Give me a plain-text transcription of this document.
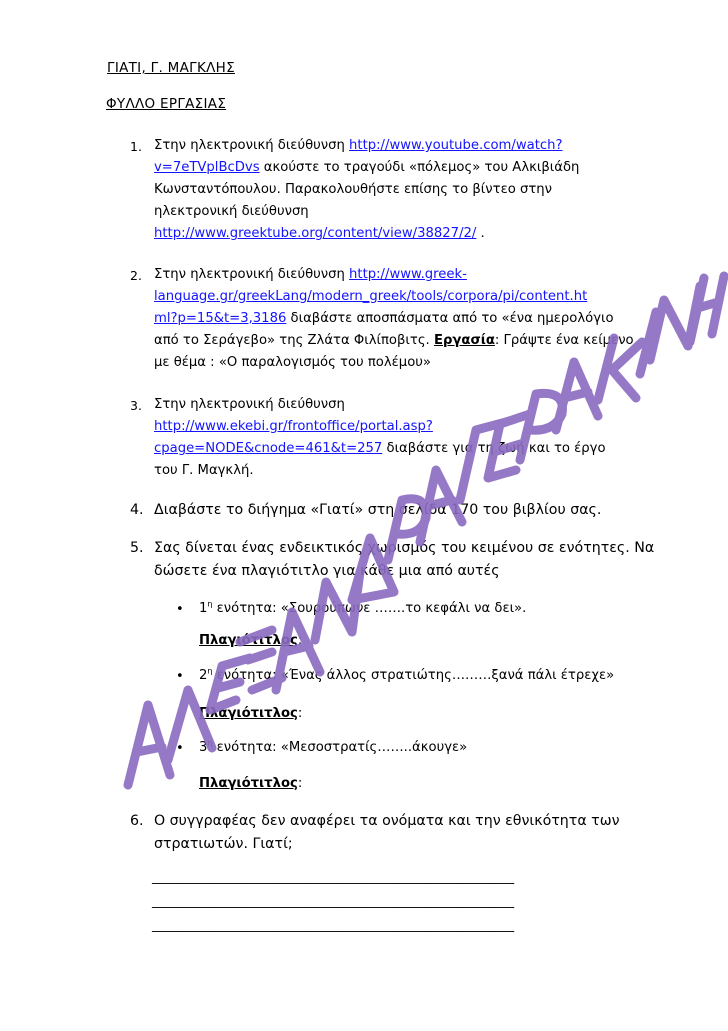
ΓΙΑΤΙ, Γ. ΜΑΓΚΛΗΣ
ΦΥΛΛΟ ΕΡΓΑΣΙΑΣ
1. Στην ηλεκτρονική διεύθυνση http://www.youtube.com/watch?
v=7eTVplBcDvs ακούστε το τραγούδι «πόλεμος» του Αλκιβιάδη
Κωνσταντόπουλου. Παρακολουθήστε επίσης το βίντεο στην
ηλεκτρονική διεύθυνση
http://www.greektube.org/content/view/38827/2/ .
2. Στην ηλεκτρονική διεύθυνση http://www.greek-
language.gr/greekLang/modern_greek/tools/corpora/pi/content.ht
ml?p=15&t=3,3186 διαβάστε αποσπάσματα από το «ένα ημερολόγιο
από το Σεράγεβο» της Ζλάτα Φιλίποβιτς. Εργασία: Γράψτε ένα κείμενο
με θέμα : «Ο παραλογισμός του πολέμου»
3. Στην ηλεκτρονική διεύθυνση
http://www.ekebi.gr/frontoffice/portal.asp?
cpage=NODE&cnode=461&t=257 διαβάστε για τη ζωή και το έργο
του Γ. Μαγκλή.
4. Διαβάστε το διήγημα «Γιατί» στη σελίδα 170 του βιβλίου σας.
5. Σας δίνεται ένας ενδεικτικός χωρισμός του κειμένου σε ενότητες. Να
δώσετε ένα πλαγιότιτλο για κάθε μια από αυτές
• $1^\eta$ ενότητα: «Σουρούπωνε …….το κεφάλι να δει».
Πλαγιότιτλος:
• $2^\eta$ ενότητα: «Ένας άλλος στρατιώτης………ξανά πάλι έτρεχε»
Πλαγιότιτλος:
• $3^\eta$ ενότητα: «Μεσοστρατίς……..άκουγε»
Πλαγιότιτλος:
6. Ο συγγραφέας δεν αναφέρει τα ονόματα και την εθνικότητα των
στρατιωτών. Γιατί;
_________________________________________________________
_________________________________________________________
_________________________________________________________
